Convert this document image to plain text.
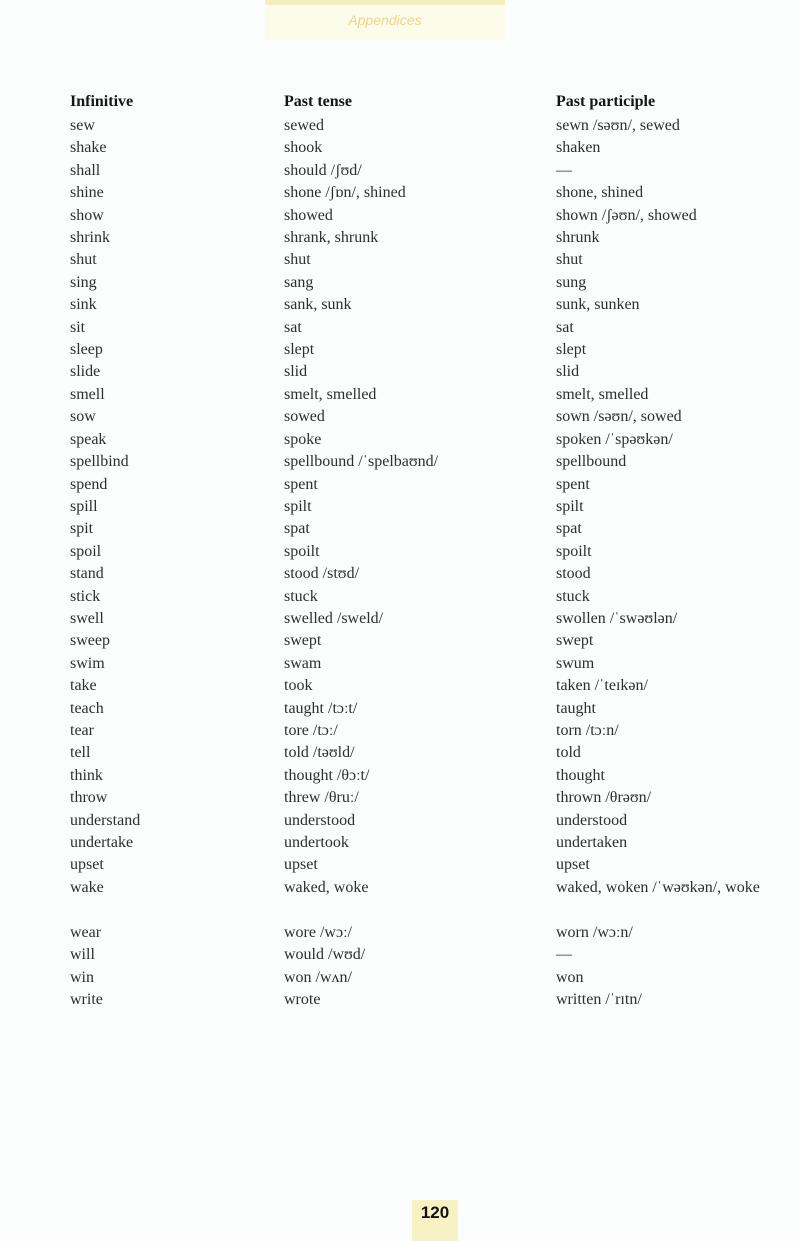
Appendices
Infinitive	Past tense	Past participle
sew	sewed	sewn /səʊn/, sewed
shake	shook	shaken
shall	should /ʃʊd/	—
shine	shone /ʃɒn/, shined	shone, shined
show	showed	shown /ʃəʊn/, showed
shrink	shrank, shrunk	shrunk
shut	shut	shut
sing	sang	sung
sink	sank, sunk	sunk, sunken
sit	sat	sat
sleep	slept	slept
slide	slid	slid
smell	smelt, smelled	smelt, smelled
sow	sowed	sown /səʊn/, sowed
speak	spoke	spoken /ˈspəʊkən/
spellbind	spellbound /ˈspelbaʊnd/	spellbound
spend	spent	spent
spill	spilt	spilt
spit	spat	spat
spoil	spoilt	spoilt
stand	stood /stʊd/	stood
stick	stuck	stuck
swell	swelled /sweld/	swollen /ˈswəʊlən/
sweep	swept	swept
swim	swam	swum
take	took	taken /ˈteɪkən/
teach	taught /tɔːt/	taught
tear	tore /tɔː/	torn /tɔːn/
tell	told /təʊld/	told
think	thought /θɔːt/	thought
throw	threw /θruː/	thrown /θrəʊn/
understand	understood	understood
undertake	undertook	undertaken
upset	upset	upset
wake	waked, woke	waked, woken /ˈwəʊkən/, woke
wear	wore /wɔː/	worn /wɔːn/
will	would /wʊd/	—
win	won /wʌn/	won
write	wrote	written /ˈrɪtn/
120
